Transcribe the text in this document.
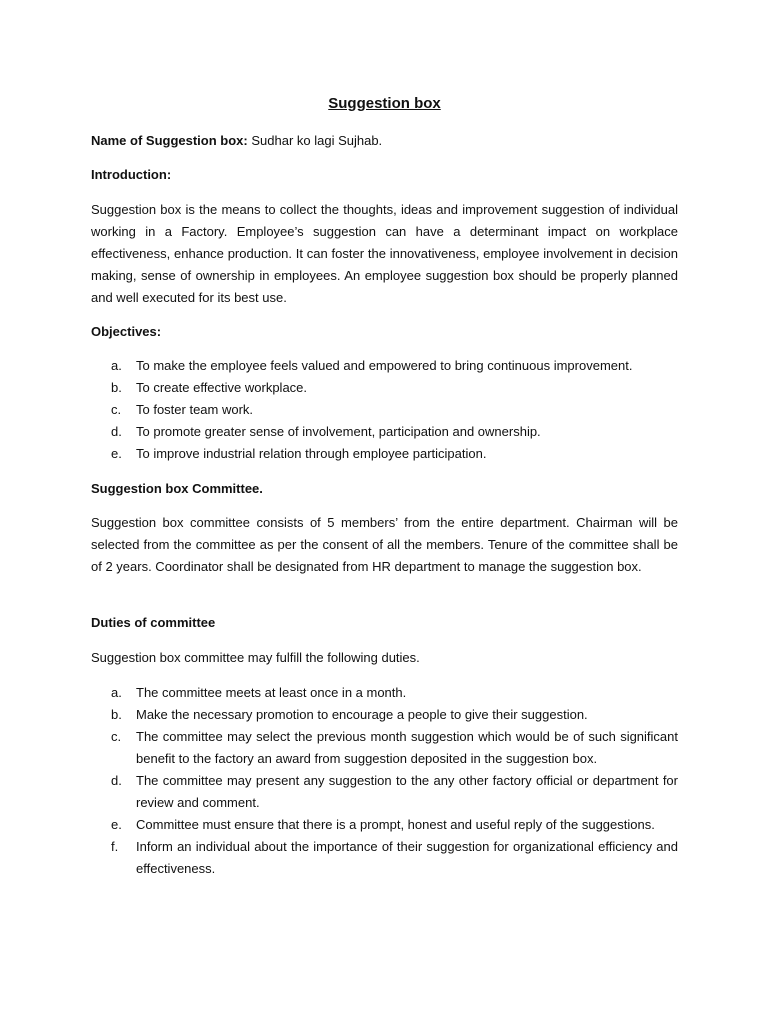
Suggestion box

Name of Suggestion box: Sudhar ko lagi Sujhab.

Introduction:

Suggestion box is the means to collect the thoughts, ideas and improvement suggestion of individual working in a Factory. Employee’s suggestion can have a determinant impact on workplace effectiveness, enhance production. It can foster the innovativeness, employee involvement in decision making, sense of ownership in employees. An employee suggestion box should be properly planned and well executed for its best use.

Objectives:

a. To make the employee feels valued and empowered to bring continuous improvement.
b. To create effective workplace.
c. To foster team work.
d. To promote greater sense of involvement, participation and ownership.
e. To improve industrial relation through employee participation.

Suggestion box Committee.

Suggestion box committee consists of 5 members’ from the entire department. Chairman will be selected from the committee as per the consent of all the members. Tenure of the committee shall be of 2 years. Coordinator shall be designated from HR department to manage the suggestion box.

Duties of committee

Suggestion box committee may fulfill the following duties.

a. The committee meets at least once in a month.
b. Make the necessary promotion to encourage a people to give their suggestion.
c. The committee may select the previous month suggestion which would be of such significant benefit to the factory an award from suggestion deposited in the suggestion box.
d. The committee may present any suggestion to the any other factory official or department for review and comment.
e. Committee must ensure that there is a prompt, honest and useful reply of the suggestions.
f. Inform an individual about the importance of their suggestion for organizational efficiency and effectiveness.
